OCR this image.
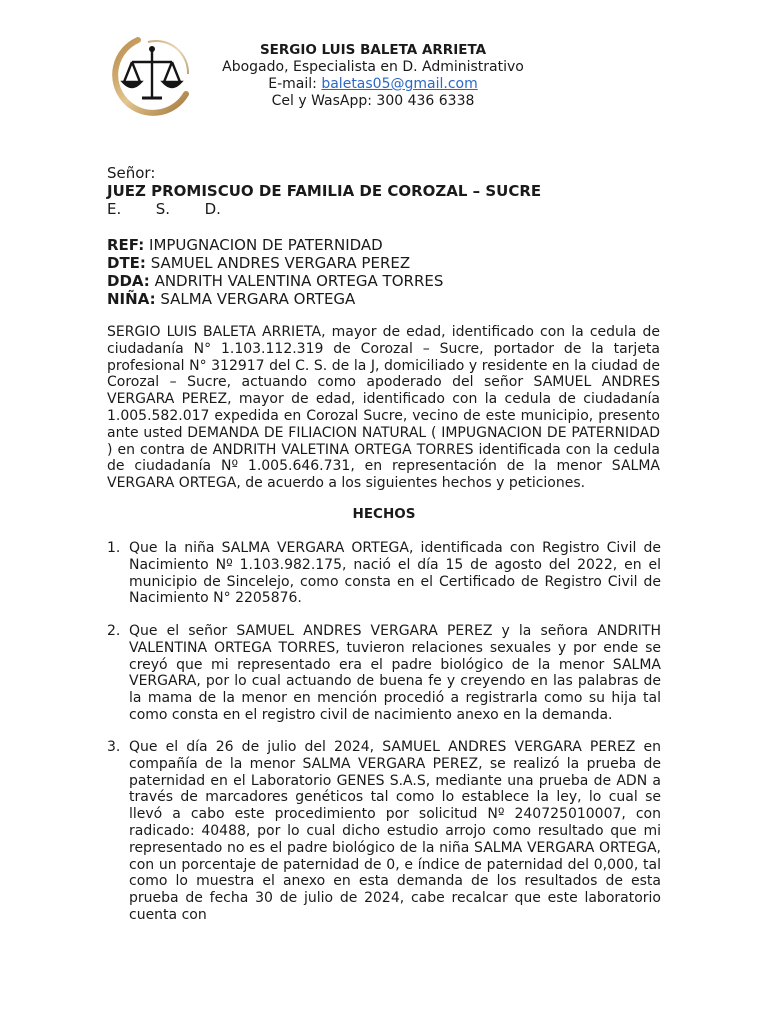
SERGIO LUIS BALETA ARRIETA
Abogado, Especialista en D. Administrativo
E-mail: baletas05@gmail.com
Cel y WasApp: 300 436 6338
Señor:
JUEZ PROMISCUO DE FAMILIA DE COROZAL – SUCRE
E. S. D.
REF: IMPUGNACION DE PATERNIDAD
DTE: SAMUEL ANDRES VERGARA PEREZ
DDA: ANDRITH VALENTINA ORTEGA TORRES
NIÑA: SALMA VERGARA ORTEGA
SERGIO LUIS BALETA ARRIETA, mayor de edad, identificado con la cedula de ciudadanía N° 1.103.112.319 de Corozal – Sucre, portador de la tarjeta profesional N° 312917 del C. S. de la J, domiciliado y residente en la ciudad de Corozal – Sucre, actuando como apoderado del señor SAMUEL ANDRES VERGARA PEREZ, mayor de edad, identificado con la cedula de ciudadanía 1.005.582.017 expedida en Corozal Sucre, vecino de este municipio, presento ante usted DEMANDA DE FILIACION NATURAL ( IMPUGNACION DE PATERNIDAD ) en contra de ANDRITH VALETINA ORTEGA TORRES identificada con la cedula de ciudadanía Nº 1.005.646.731, en representación de la menor SALMA VERGARA ORTEGA, de acuerdo a los siguientes hechos y peticiones.
HECHOS
1. Que la niña SALMA VERGARA ORTEGA, identificada con Registro Civil de Nacimiento Nº 1.103.982.175, nació el día 15 de agosto del 2022, en el municipio de Sincelejo, como consta en el Certificado de Registro Civil de Nacimiento N° 2205876.
2. Que el señor SAMUEL ANDRES VERGARA PEREZ y la señora ANDRITH VALENTINA ORTEGA TORRES, tuvieron relaciones sexuales y por ende se creyó que mi representado era el padre biológico de la menor SALMA VERGARA, por lo cual actuando de buena fe y creyendo en las palabras de la mama de la menor en mención procedió a registrarla como su hija tal como consta en el registro civil de nacimiento anexo en la demanda.
3. Que el día 26 de julio del 2024, SAMUEL ANDRES VERGARA PEREZ en compañía de la menor SALMA VERGARA PEREZ, se realizó la prueba de paternidad en el Laboratorio GENES S.A.S, mediante una prueba de ADN a través de marcadores genéticos tal como lo establece la ley, lo cual se llevó a cabo este procedimiento por solicitud Nº 240725010007, con radicado: 40488, por lo cual dicho estudio arrojo como resultado que mi representado no es el padre biológico de la niña SALMA VERGARA ORTEGA, con un porcentaje de paternidad de 0, e índice de paternidad del 0,000, tal como lo muestra el anexo en esta demanda de los resultados de esta prueba de fecha 30 de julio de 2024, cabe recalcar que este laboratorio cuenta con
